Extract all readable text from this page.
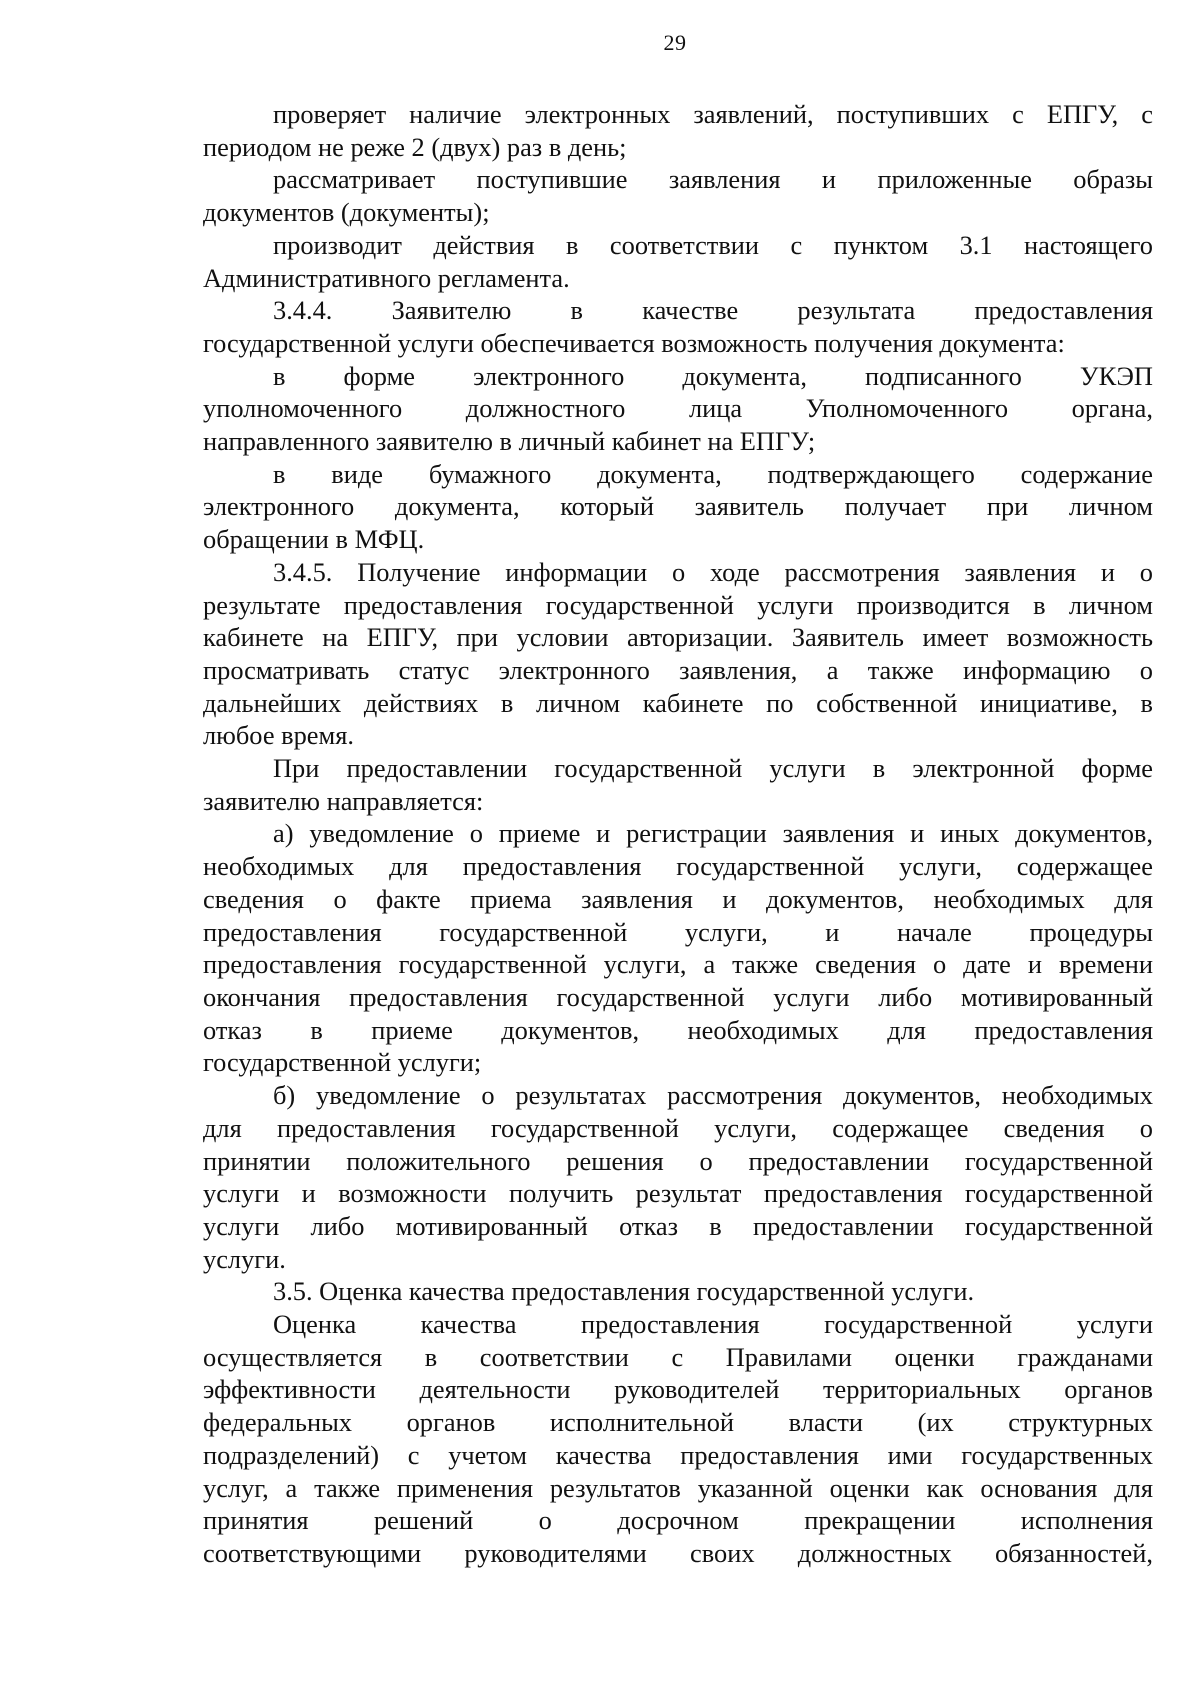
29
проверяет наличие электронных заявлений, поступивших с ЕПГУ, с
периодом не реже 2 (двух) раз в день;
рассматривает поступившие заявления и приложенные образы
документов (документы);
производит действия в соответствии с пунктом 3.1 настоящего
Административного регламента.
3.4.4. Заявителю в качестве результата предоставления
государственной услуги обеспечивается возможность получения документа:
в форме электронного документа, подписанного УКЭП
уполномоченного должностного лица Уполномоченного органа,
направленного заявителю в личный кабинет на ЕПГУ;
в виде бумажного документа, подтверждающего содержание
электронного документа, который заявитель получает при личном
обращении в МФЦ.
3.4.5. Получение информации о ходе рассмотрения заявления и о
результате предоставления государственной услуги производится в личном
кабинете на ЕПГУ, при условии авторизации. Заявитель имеет возможность
просматривать статус электронного заявления, а также информацию о
дальнейших действиях в личном кабинете по собственной инициативе, в
любое время.
При предоставлении государственной услуги в электронной форме
заявителю направляется:
а) уведомление о приеме и регистрации заявления и иных документов,
необходимых для предоставления государственной услуги, содержащее
сведения о факте приема заявления и документов, необходимых для
предоставления государственной услуги, и начале процедуры
предоставления государственной услуги, а также сведения о дате и времени
окончания предоставления государственной услуги либо мотивированный
отказ в приеме документов, необходимых для предоставления
государственной услуги;
б) уведомление о результатах рассмотрения документов, необходимых
для предоставления государственной услуги, содержащее сведения о
принятии положительного решения о предоставлении государственной
услуги и возможности получить результат предоставления государственной
услуги либо мотивированный отказ в предоставлении государственной
услуги.
3.5. Оценка качества предоставления государственной услуги.
Оценка качества предоставления государственной услуги
осуществляется в соответствии с Правилами оценки гражданами
эффективности деятельности руководителей территориальных органов
федеральных органов исполнительной власти (их структурных
подразделений) с учетом качества предоставления ими государственных
услуг, а также применения результатов указанной оценки как основания для
принятия решений о досрочном прекращении исполнения
соответствующими руководителями своих должностных обязанностей,
